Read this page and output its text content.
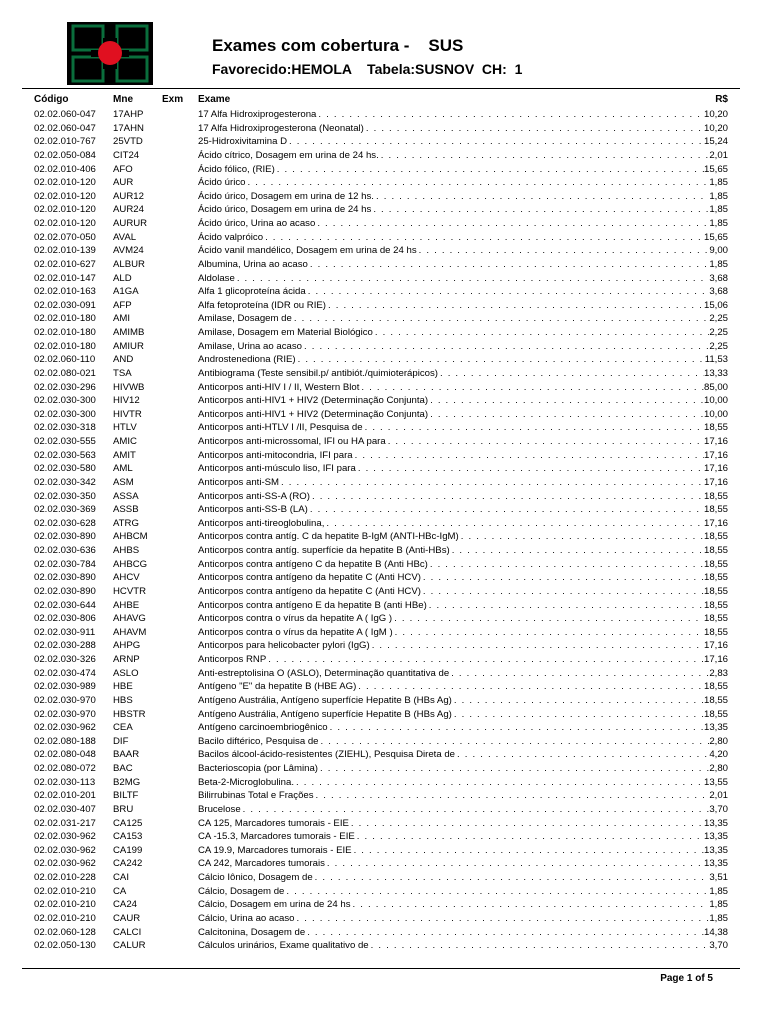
Exames com cobertura -    SUS
Favorecido:HEMOLA    Tabela:SUSNOV  CH:  1
Código	Mne	Exm Exame	R$
02.02.060-047 17AHP	17 Alfa Hidroxiprogesterona . . .	10,20
02.02.060-047 17AHN	17 Alfa Hidroxiprogesterona (Neonatal) . . .	10,20
02.02.010-767 25VTD	25-Hidroxivitamina D . . .	15,24
02.02.050-084 CIT24	Ácido cítrico, Dosagem em urina de 24 hs. . . .	2,01
02.02.010-406 AFO	Ácido fólico, (RIE) . . .	15,65
02.02.010-120 AUR	Ácido úrico . . .	1,85
02.02.010-120 AUR12	Ácido úrico, Dosagem em urina de 12 hs. . . .	1,85
02.02.010-120 AUR24	Ácido úrico, Dosagem em urina de 24 hs . . .	1,85
02.02.010-120 AURUR	Ácido úrico, Urina ao acaso . . .	1,85
02.02.070-050 AVAL	Ácido valpróico . . .	15,65
02.02.010-139 AVM24	Ácido vanil mandélico, Dosagem em urina de 24 hs . . .	9,00
02.02.010-627 ALBUR	Albumina, Urina ao acaso . . .	1,85
02.02.010-147 ALD	Aldolase . . .	3,68
02.02.010-163 A1GA	Alfa 1 glicoproteína ácida . . .	3,68
02.02.030-091 AFP	Alfa fetoproteína (IDR ou RIE) . . .	15,06
02.02.010-180 AMI	Amilase, Dosagem de . . .	2,25
02.02.010-180 AMIMB	Amilase, Dosagem em Material Biológico . . .	2,25
02.02.010-180 AMIUR	Amilase, Urina ao acaso . . .	2,25
02.02.060-110 AND	Androstenediona (RIE) . . .	11,53
02.02.080-021 TSA	Antibiograma (Teste sensibil.p/ antibiót./quimioterápicos) . . .	13,33
02.02.030-296 HIVWB	Anticorpos anti-HIV I / II, Western Blot . . .	85,00
02.02.030-300 HIV12	Anticorpos anti-HIV1 + HIV2 (Determinação Conjunta) . . .	10,00
02.02.030-300 HIVTR	Anticorpos anti-HIV1 + HIV2 (Determinação Conjunta) . . .	10,00
02.02.030-318 HTLV	Anticorpos anti-HTLV I /II, Pesquisa de . . .	18,55
02.02.030-555 AMIC	Anticorpos anti-microssomal, IFI ou HA para . . .	17,16
02.02.030-563 AMIT	Anticorpos anti-mitocondria, IFI para . . .	17,16
02.02.030-580 AML	Anticorpos anti-músculo liso, IFI para . . .	17,16
02.02.030-342 ASM	Anticorpos anti-SM . . .	17,16
02.02.030-350 ASSA	Anticorpos anti-SS-A (RO) . . .	18,55
02.02.030-369 ASSB	Anticorpos anti-SS-B (LA) . . .	18,55
02.02.030-628 ATRG	Anticorpos anti-tireoglobulina, . . .	17,16
02.02.030-890 AHBCM	Anticorpos contra antíg. C da hepatite B-IgM (ANTI-HBc-IgM) . . .	18,55
02.02.030-636 AHBS	Anticorpos contra antíg. superfície da hepatite B (Anti-HBs) . . .	18,55
02.02.030-784 AHBCG	Anticorpos contra antígeno C da hepatite B (Anti HBc) . . .	18,55
02.02.030-890 AHCV	Anticorpos contra antígeno da hepatite C (Anti HCV) . . .	18,55
02.02.030-890 HCVTR	Anticorpos contra antígeno da hepatite C (Anti HCV) . . .	18,55
02.02.030-644 AHBE	Anticorpos contra antígeno E da hepatite B (anti HBe) . . .	18,55
02.02.030-806 AHAVG	Anticorpos contra o vírus da hepatite A ( IgG ) . . .	18,55
02.02.030-911 AHAVM	Anticorpos contra o vírus da hepatite A ( IgM ) . . .	18,55
02.02.030-288 AHPG	Anticorpos para helicobacter pylori (IgG) . . .	17,16
02.02.030-326 ARNP	Anticorpos RNP . . .	17,16
02.02.030-474 ASLO	Anti-estreptolisina O (ASLO), Determinação quantitativa de . . .	2,83
02.02.030-989 HBE	Antígeno "E" da hepatite B (HBE AG) . . .	18,55
02.02.030-970 HBS	Antígeno Austrália, Antígeno superfície Hepatite B (HBs Ag) . . .	18,55
02.02.030-970 HBSTR	Antígeno Austrália, Antígeno superfície Hepatite B (HBs Ag) . . .	18,55
02.02.030-962 CEA	Antígeno carcinoembriogênico . . .	13,35
02.02.080-188 DIF	Bacilo diftérico, Pesquisa de . . .	2,80
02.02.080-048 BAAR	Bacilos álcool-ácido-resistentes (ZIEHL), Pesquisa Direta de . . .	4,20
02.02.080-072 BAC	Bacterioscopia (por Lâmina) . . .	2,80
02.02.030-113 B2MG	Beta-2-Microglobulina. . . .	13,55
02.02.010-201 BILTF	Bilirrubinas Total e Frações . . .	2,01
02.02.030-407 BRU	Brucelose . . .	3,70
02.02.031-217 CA125	CA 125, Marcadores tumorais - EIE . . .	13,35
02.02.030-962 CA153	CA -15.3, Marcadores tumorais - EIE . . .	13,35
02.02.030-962 CA199	CA 19.9, Marcadores tumorais - EIE . . .	13,35
02.02.030-962 CA242	CA 242, Marcadores tumorais . . .	13,35
02.02.010-228 CAI	Cálcio Iônico, Dosagem de . . .	3,51
02.02.010-210 CA	Cálcio, Dosagem de . . .	1,85
02.02.010-210 CA24	Cálcio, Dosagem em urina de 24 hs . . .	1,85
02.02.010-210 CAUR	Cálcio, Urina ao acaso . . .	1,85
02.02.060-128 CALCI	Calcitonina, Dosagem de . . .	14,38
02.02.050-130 CALUR	Cálculos urinários, Exame qualitativo de . . .	3,70
Page 1 of 5
